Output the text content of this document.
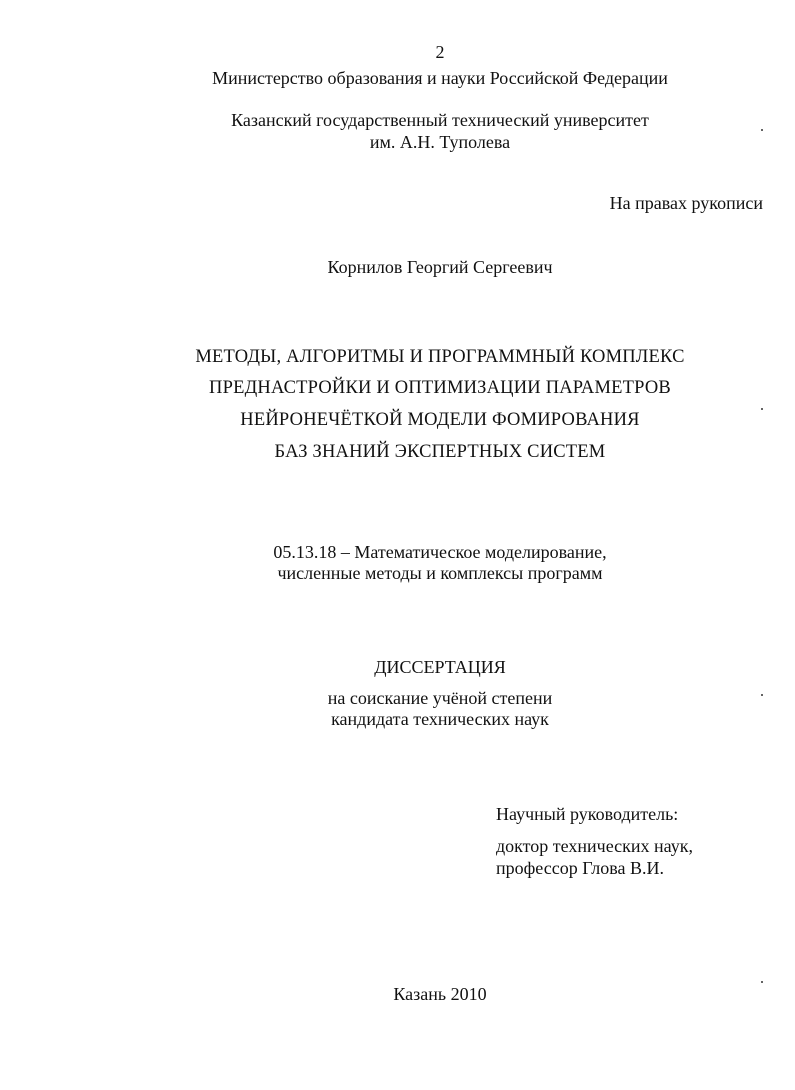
2
Министерство образования и науки Российской Федерации
Казанский государственный технический университет
им. А.Н. Туполева
На правах рукописи
Корнилов Георгий Сергеевич
МЕТОДЫ, АЛГОРИТМЫ И ПРОГРАММНЫЙ КОМПЛЕКС
ПРЕДНАСТРОЙКИ И ОПТИМИЗАЦИИ ПАРАМЕТРОВ
НЕЙРОНЕЧЁТКОЙ МОДЕЛИ ФОМИРОВАНИЯ
БАЗ ЗНАНИЙ ЭКСПЕРТНЫХ СИСТЕМ
05.13.18 – Математическое моделирование,
численные методы и комплексы программ
ДИССЕРТАЦИЯ
на соискание учёной степени
кандидата технических наук
Научный руководитель:
доктор технических наук,
профессор Глова В.И.
Казань 2010
